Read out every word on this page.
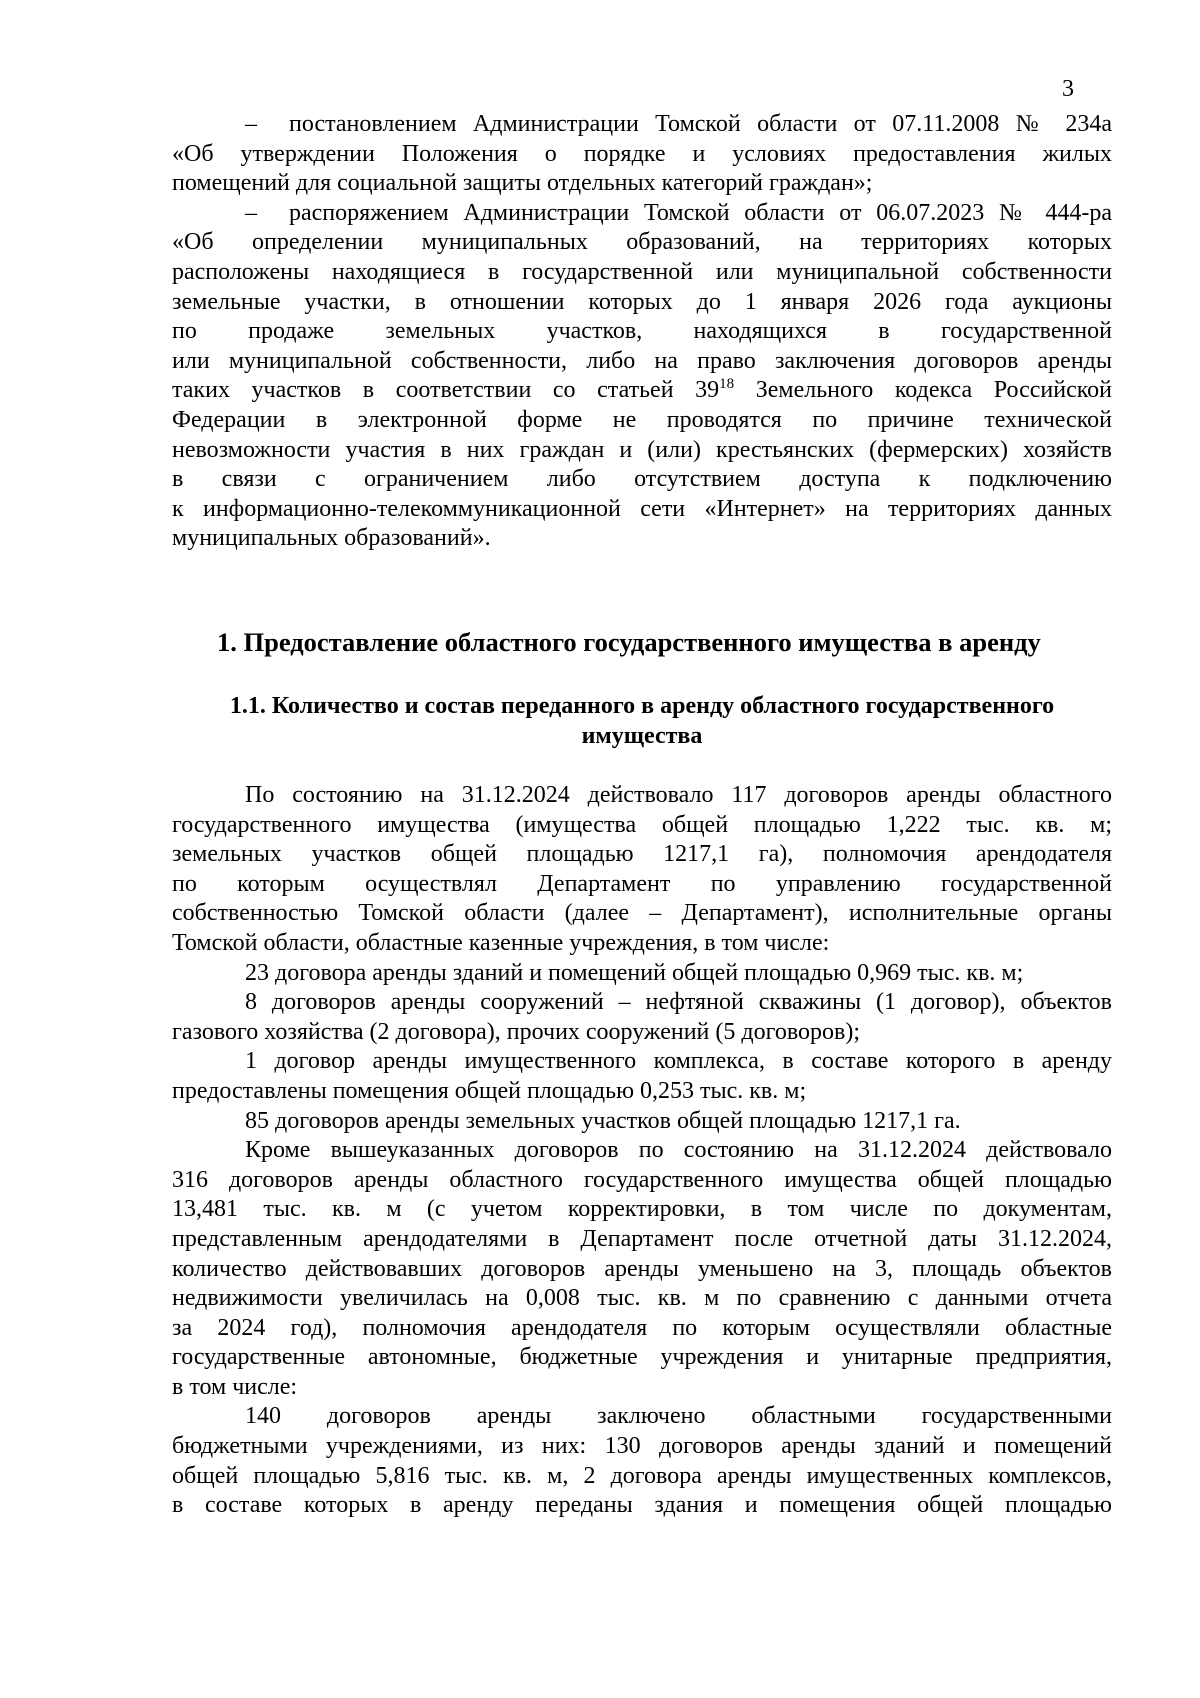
3

– постановлением Администрации Томской области от 07.11.2008 № 234а

«Об утверждении Положения о порядке и условиях предоставления жилых

помещений для социальной защиты отдельных категорий граждан»;

– распоряжением Администрации Томской области от 06.07.2023 № 444-ра

«Об определении муниципальных образований, на территориях которых

расположены находящиеся в государственной или муниципальной собственности

земельные участки, в отношении которых до 1 января 2026 года аукционы

по продаже земельных участков, находящихся в государственной

или муниципальной собственности, либо на право заключения договоров аренды

таких участков в соответствии со статьей $39^{18}$ Земельного кодекса Российской

Федерации в электронной форме не проводятся по причине технической

невозможности участия в них граждан и (или) крестьянских (фермерских) хозяйств

в связи с ограничением либо отсутствием доступа к подключению

к информационно-телекоммуникационной сети «Интернет» на территориях данных

муниципальных образований».

1. Предоставление областного государственного имущества в аренду
1.1. Количество и состав переданного в аренду областного государственного
имущества

По состоянию на 31.12.2024 действовало 117 договоров аренды областного

государственного имущества (имущества общей площадью 1,222 тыс. кв. м;

земельных участков общей площадью 1217,1 га), полномочия арендодателя

по которым осуществлял Департамент по управлению государственной

собственностью Томской области (далее – Департамент), исполнительные органы

Томской области, областные казенные учреждения, в том числе:

23 договора аренды зданий и помещений общей площадью 0,969 тыс. кв. м;

8 договоров аренды сооружений – нефтяной скважины (1 договор), объектов

газового хозяйства (2 договора), прочих сооружений (5 договоров);

1 договор аренды имущественного комплекса, в составе которого в аренду

предоставлены помещения общей площадью 0,253 тыс. кв. м;

85 договоров аренды земельных участков общей площадью 1217,1 га.

Кроме вышеуказанных договоров по состоянию на 31.12.2024 действовало

316 договоров аренды областного государственного имущества общей площадью

13,481 тыс. кв. м (с учетом корректировки, в том числе по документам,

представленным арендодателями в Департамент после отчетной даты 31.12.2024,

количество действовавших договоров аренды уменьшено на 3, площадь объектов

недвижимости увеличилась на 0,008 тыс. кв. м по сравнению с данными отчета

за 2024 год), полномочия арендодателя по которым осуществляли областные

государственные автономные, бюджетные учреждения и унитарные предприятия,

в том числе:

140 договоров аренды заключено областными государственными

бюджетными учреждениями, из них: 130 договоров аренды зданий и помещений

общей площадью 5,816 тыс. кв. м, 2 договора аренды имущественных комплексов,

в составе которых в аренду переданы здания и помещения общей площадью
